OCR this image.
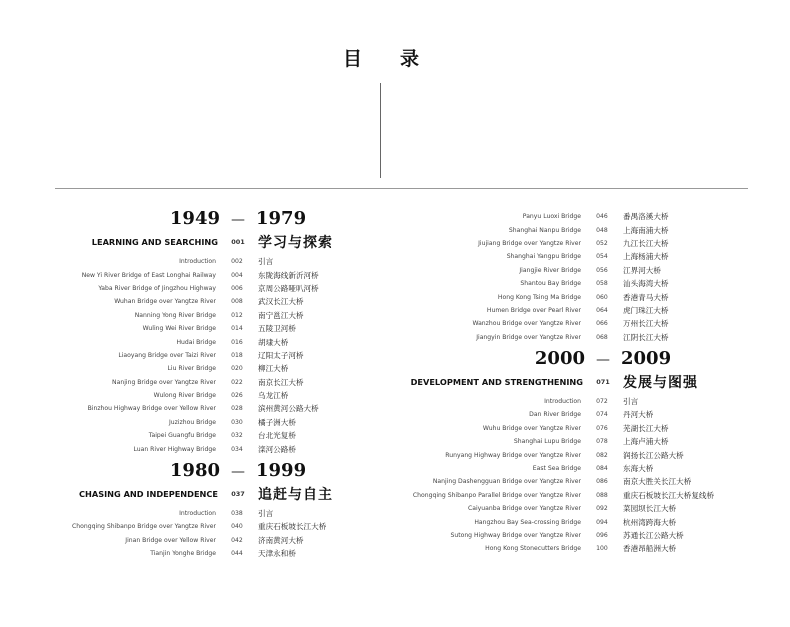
目 录
1949 — 1979
LEARNING AND SEARCHING	001 学习与探索
Introduction	002	引言
New Yi River Bridge of East Longhai Railway	004	东陇海线新沂河桥
Yaba River Bridge of Jingzhou Highway	006	京周公路哑叭河桥
Wuhan Bridge over Yangtze River	008	武汉长江大桥
Nanning Yong River Bridge	012	南宁邕江大桥
Wuling Wei River Bridge	014	五陵卫河桥
Hudai Bridge	016	胡埭大桥
Liaoyang Bridge over Taizi River	018	辽阳太子河桥
Liu River Bridge	020	柳江大桥
Nanjing Bridge over Yangtze River	022	南京长江大桥
Wulong River Bridge	026	乌龙江桥
Binzhou Highway Bridge over Yellow River	028	滨州黄河公路大桥
Juzizhou Bridge	030	橘子洲大桥
Taipei Guangfu Bridge	032	台北光复桥
Luan River Highway Bridge	034	滦河公路桥
1980 — 1999
CHASING AND INDEPENDENCE	037 追赶与自主
Introduction	038	引言
Chongqing Shibanpo Bridge over Yangtze River	040	重庆石板坡长江大桥
Jinan Bridge over Yellow River	042	济南黄河大桥
Tianjin Yonghe Bridge	044	天津永和桥
Panyu Luoxi Bridge	046	番禺洛溪大桥
Shanghai Nanpu Bridge	048	上海南浦大桥
Jiujiang Bridge over Yangtze River	052	九江长江大桥
Shanghai Yangpu Bridge	054	上海杨浦大桥
Jiangjie River Bridge	056	江界河大桥
Shantou Bay Bridge	058	汕头海湾大桥
Hong Kong Tsing Ma Bridge	060	香港青马大桥
Humen Bridge over Pearl River	064	虎门珠江大桥
Wanzhou Bridge over Yangtze River	066	万州长江大桥
Jiangyin Bridge over Yangtze River	068	江阴长江大桥
2000 — 2009
DEVELOPMENT AND STRENGTHENING	071 发展与图强
Introduction	072	引言
Dan River Bridge	074	丹河大桥
Wuhu Bridge over Yangtze River	076	芜湖长江大桥
Shanghai Lupu Bridge	078	上海卢浦大桥
Runyang Highway Bridge over Yangtze River	082	润扬长江公路大桥
East Sea Bridge	084	东海大桥
Nanjing Dashengguan Bridge over Yangtze River	086	南京大胜关长江大桥
Chongqing Shibanpo Parallel Bridge over Yangtze River	088	重庆石板坡长江大桥复线桥
Caiyuanba Bridge over Yangtze River	092	菜园坝长江大桥
Hangzhou Bay Sea-crossing Bridge	094	杭州湾跨海大桥
Sutong Highway Bridge over Yangtze River	096	苏通长江公路大桥
Hong Kong Stonecutters Bridge	100	香港昂船洲大桥
